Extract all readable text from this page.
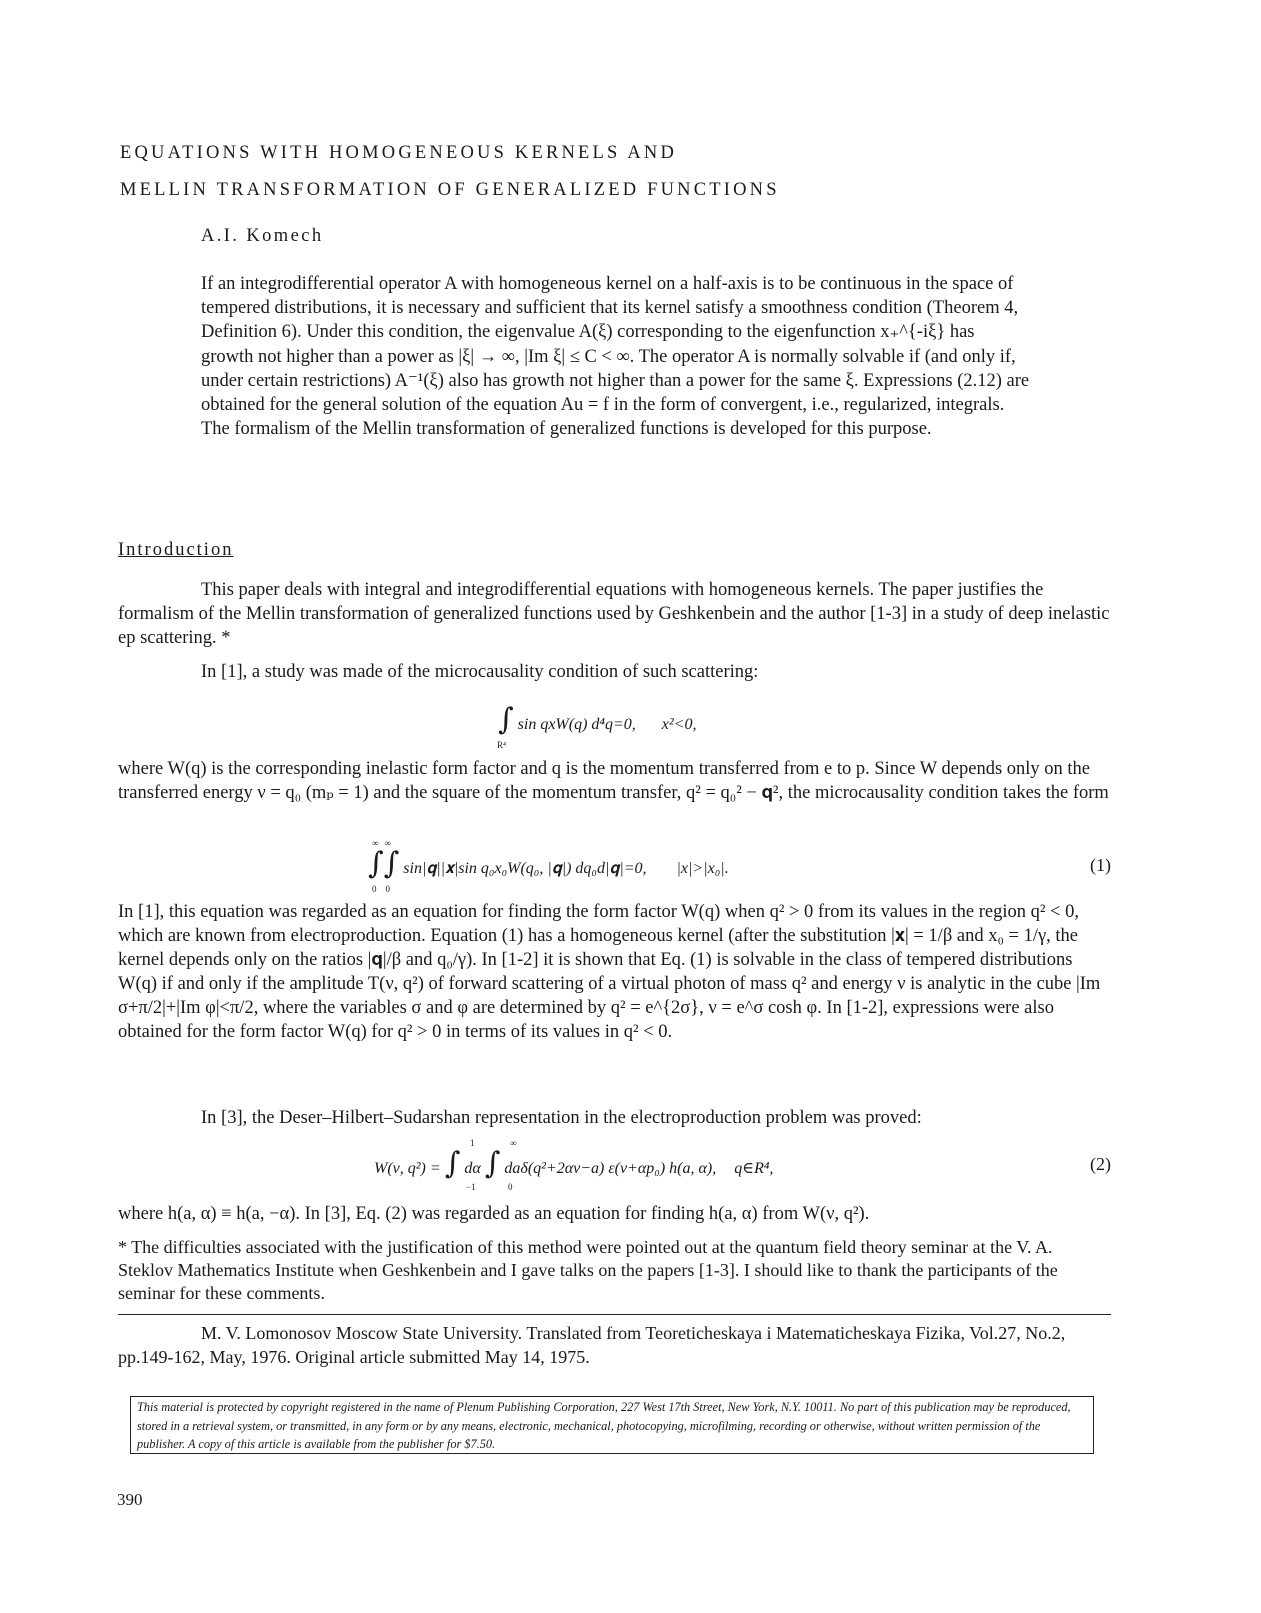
EQUATIONS WITH HOMOGENEOUS KERNELS AND
MELLIN TRANSFORMATION OF GENERALIZED FUNCTIONS
A.I. Komech

If an integrodifferential operator A with homogeneous kernel on a half-axis is to be continuous in the space of tempered distributions, it is necessary and sufficient that its kernel satisfy a smoothness condition (Theorem 4, Definition 6). Under this condition, the eigenvalue A(ξ) corresponding to the eigenfunction x₊^{-iξ} has growth not higher than a power as |ξ| → ∞, |Im ξ| ≤ C < ∞. The operator A is normally solvable if (and only if, under certain restrictions) A⁻¹(ξ) also has growth not higher than a power for the same ξ. Expressions (2.12) are obtained for the general solution of the equation Au = f in the form of convergent, i.e., regularized, integrals. The formalism of the Mellin transformation of generalized functions is developed for this purpose.

Introduction

This paper deals with integral and integrodifferential equations with homogeneous kernels. The paper justifies the formalism of the Mellin transformation of generalized functions used by Geshkenbein and the author [1-3] in a study of deep inelastic ep scattering. *

In [1], a study was made of the microcausality condition of such scattering:

∫ sin qxW(q) d⁴q=0, x²<0,
R⁴

where W(q) is the corresponding inelastic form factor and q is the momentum transferred from e to p. Since W depends only on the transferred energy ν = q₀ (mₚ = 1) and the square of the momentum transfer, q² = q₀² − 𝐪², the microcausality condition takes the form

∞∞
∫∫ sin|𝐪||𝐱|sin q₀x₀W(q₀, |𝐪|) dq₀d|𝐪|=0, |x|>|x₀|.
00
(1)

In [1], this equation was regarded as an equation for finding the form factor W(q) when q² > 0 from its values in the region q² < 0, which are known from electroproduction. Equation (1) has a homogeneous kernel (after the substitution |𝐱| = 1/β and x₀ = 1/γ, the kernel depends only on the ratios |𝐪|/β and q₀/γ). In [1-2] it is shown that Eq. (1) is solvable in the class of tempered distributions W(q) if and only if the amplitude T(ν, q²) of forward scattering of a virtual photon of mass q² and energy ν is analytic in the cube |Im σ+π/2|+|Im φ|<π/2, where the variables σ and φ are determined by q² = e^{2σ}, ν = e^σ cosh φ. In [1-2], expressions were also obtained for the form factor W(q) for q² > 0 in terms of its values in q² < 0.

In [3], the Deser–Hilbert–Sudarshan representation in the electroproduction problem was proved:

1	∞
W(ν, q²) = ∫ dα ∫ daδ(q²+2αν−a) ε(ν+αp₀) h(a, α), q∈R⁴,
−1	0
(2)

where h(a, α) ≡ h(a, −α). In [3], Eq. (2) was regarded as an equation for finding h(a, α) from W(ν, q²).

* The difficulties associated with the justification of this method were pointed out at the quantum field theory seminar at the V. A. Steklov Mathematics Institute when Geshkenbein and I gave talks on the papers [1-3]. I should like to thank the participants of the seminar for these comments.
M. V. Lomonosov Moscow State University. Translated from Teoreticheskaya i Matematicheskaya Fizika, Vol.27, No.2, pp.149-162, May, 1976. Original article submitted May 14, 1975.
This material is protected by copyright registered in the name of Plenum Publishing Corporation, 227 West 17th Street, New York, N.Y. 10011. No part of this publication may be reproduced, stored in a retrieval system, or transmitted, in any form or by any means, electronic, mechanical, photocopying, microfilming, recording or otherwise, without written permission of the publisher. A copy of this article is available from the publisher for $7.50.
390
